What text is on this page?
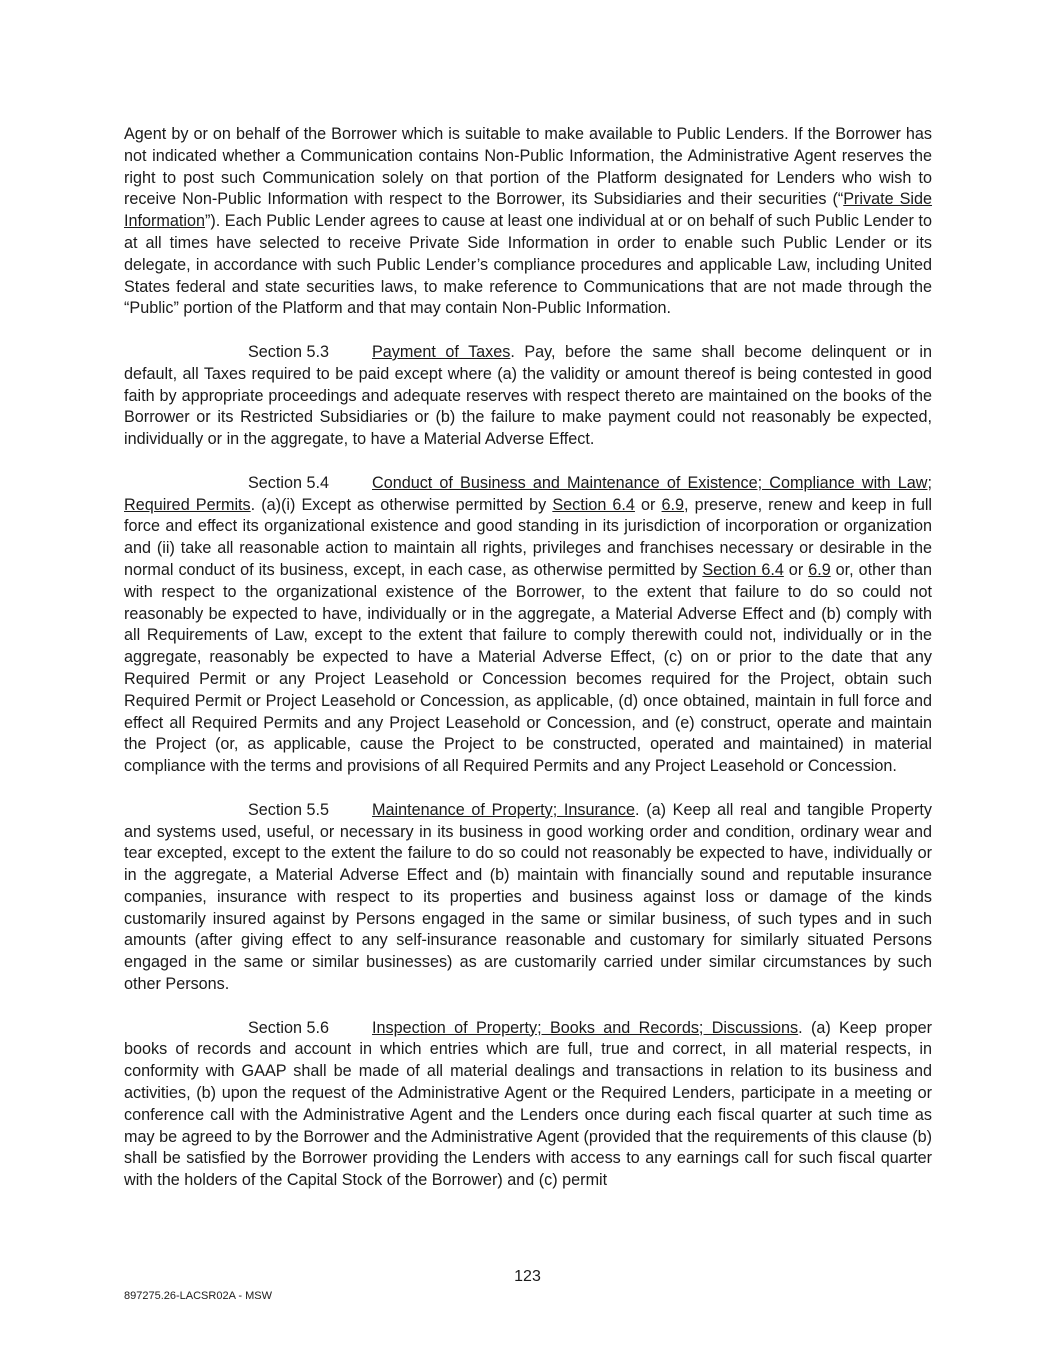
Agent by or on behalf of the Borrower which is suitable to make available to Public Lenders. If the Borrower has not indicated whether a Communication contains Non-Public Information, the Administrative Agent reserves the right to post such Communication solely on that portion of the Platform designated for Lenders who wish to receive Non-Public Information with respect to the Borrower, its Subsidiaries and their securities (“Private Side Information”). Each Public Lender agrees to cause at least one individual at or on behalf of such Public Lender to at all times have selected to receive Private Side Information in order to enable such Public Lender or its delegate, in accordance with such Public Lender’s compliance procedures and applicable Law, including United States federal and state securities laws, to make reference to Communications that are not made through the “Public” portion of the Platform and that may contain Non-Public Information.

Section 5.3	Payment of Taxes. Pay, before the same shall become delinquent or in default, all Taxes required to be paid except where (a) the validity or amount thereof is being contested in good faith by appropriate proceedings and adequate reserves with respect thereto are maintained on the books of the Borrower or its Restricted Subsidiaries or (b) the failure to make payment could not reasonably be expected, individually or in the aggregate, to have a Material Adverse Effect.

Section 5.4	Conduct of Business and Maintenance of Existence; Compliance with Law; Required Permits. (a)(i) Except as otherwise permitted by Section 6.4 or 6.9, preserve, renew and keep in full force and effect its organizational existence and good standing in its jurisdiction of incorporation or organization and (ii) take all reasonable action to maintain all rights, privileges and franchises necessary or desirable in the normal conduct of its business, except, in each case, as otherwise permitted by Section 6.4 or 6.9 or, other than with respect to the organizational existence of the Borrower, to the extent that failure to do so could not reasonably be expected to have, individually or in the aggregate, a Material Adverse Effect and (b) comply with all Requirements of Law, except to the extent that failure to comply therewith could not, individually or in the aggregate, reasonably be expected to have a Material Adverse Effect, (c) on or prior to the date that any Required Permit or any Project Leasehold or Concession becomes required for the Project, obtain such Required Permit or Project Leasehold or Concession, as applicable, (d) once obtained, maintain in full force and effect all Required Permits and any Project Leasehold or Concession, and (e) construct, operate and maintain the Project (or, as applicable, cause the Project to be constructed, operated and maintained) in material compliance with the terms and provisions of all Required Permits and any Project Leasehold or Concession.

Section 5.5	Maintenance of Property; Insurance. (a) Keep all real and tangible Property and systems used, useful, or necessary in its business in good working order and condition, ordinary wear and tear excepted, except to the extent the failure to do so could not reasonably be expected to have, individually or in the aggregate, a Material Adverse Effect and (b) maintain with financially sound and reputable insurance companies, insurance with respect to its properties and business against loss or damage of the kinds customarily insured against by Persons engaged in the same or similar business, of such types and in such amounts (after giving effect to any self-insurance reasonable and customary for similarly situated Persons engaged in the same or similar businesses) as are customarily carried under similar circumstances by such other Persons.

Section 5.6	Inspection of Property; Books and Records; Discussions. (a) Keep proper books of records and account in which entries which are full, true and correct, in all material respects, in conformity with GAAP shall be made of all material dealings and transactions in relation to its business and activities, (b) upon the request of the Administrative Agent or the Required Lenders, participate in a meeting or conference call with the Administrative Agent and the Lenders once during each fiscal quarter at such time as may be agreed to by the Borrower and the Administrative Agent (provided that the requirements of this clause (b) shall be satisfied by the Borrower providing the Lenders with access to any earnings call for such fiscal quarter with the holders of the Capital Stock of the Borrower) and (c) permit

123
897275.26-LACSR02A - MSW
